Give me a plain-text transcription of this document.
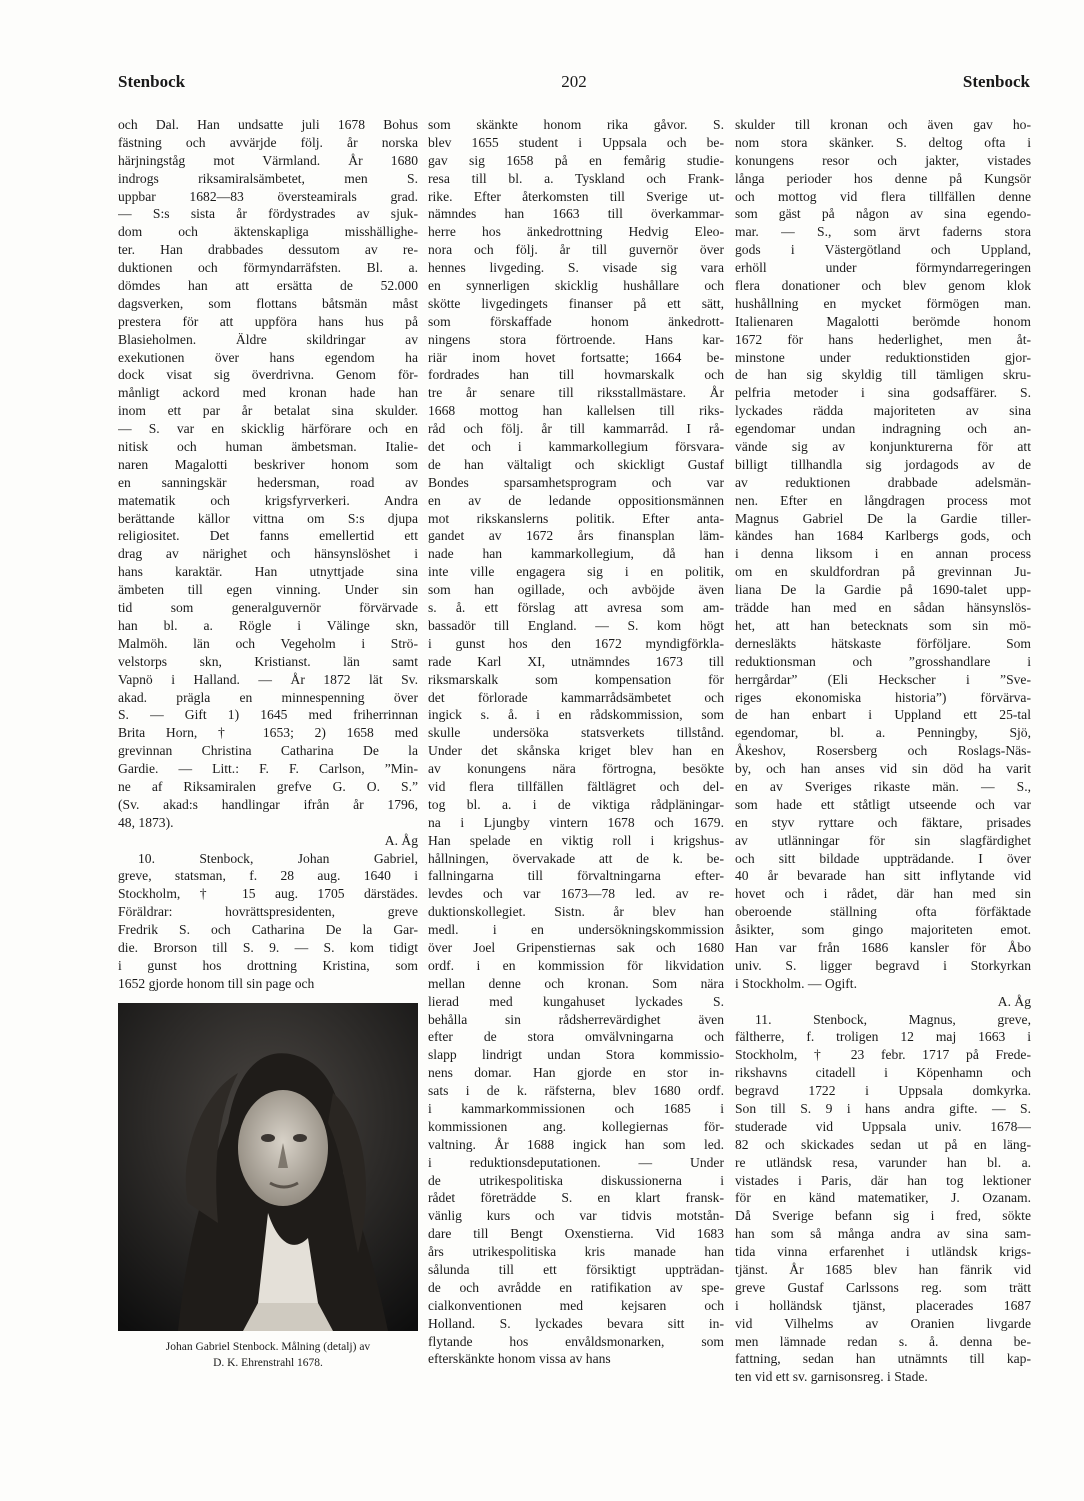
Stenbock	202	Stenbock
och Dal. Han undsatte juli 1678 Bohus
fästning och avvärjde följ. år norska
härjningståg mot Värmland. År 1680
indrogs riksamiralsämbetet, men S.
uppbar 1682—83 översteamirals grad.
— S:s sista år fördystrades av sjuk-
dom och äktenskapliga misshällighe-
ter. Han drabbades dessutom av re-
duktionen och förmyndarräfsten. Bl. a.
dömdes han att ersätta de 52.000
dagsverken, som flottans båtsmän måst
prestera för att uppföra hans hus på
Blasieholmen. Äldre skildringar av
exekutionen över hans egendom ha
dock visat sig överdrivna. Genom för-
månligt ackord med kronan hade han
inom ett par år betalat sina skulder.
— S. var en skicklig härförare och en
nitisk och human ämbetsman. Italie-
naren Magalotti beskriver honom som
en sanningskär hedersman, road av
matematik och krigsfyrverkeri. Andra
berättande källor vittna om S:s djupa
religiositet. Det fanns emellertid ett
drag av närighet och hänsynslöshet i
hans karaktär. Han utnyttjade sina
ämbeten till egen vinning. Under sin
tid som generalguvernör förvärvade
han bl. a. Rögle i Välinge skn,
Malmöh. län och Vegeholm i Strö-
velstorps skn, Kristianst. län samt
Vapnö i Halland. — År 1872 lät Sv.
akad. prägla en minnespenning över
S. — Gift 1) 1645 med friherrinnan
Brita Horn, † 1653; 2) 1658 med
grevinnan Christina Catharina De la
Gardie. — Litt.: F. F. Carlson, ”Min-
ne af Riksamiralen grefve G. O. S.”
(Sv. akad:s handlingar ifrån år 1796,
48, 1873).
A. Åg
10. Stenbock, Johan Gabriel,
greve, statsman, f. 28 aug. 1640 i
Stockholm, † 15 aug. 1705 därstädes.
Föräldrar: hovrättspresidenten, greve
Fredrik S. och Catharina De la Gar-
die. Brorson till S. 9. — S. kom tidigt
i gunst hos drottning Kristina, som
1652 gjorde honom till sin page och
som skänkte honom rika gåvor. S.
blev 1655 student i Uppsala och be-
gav sig 1658 på en femårig studie-
resa till bl. a. Tyskland och Frank-
rike. Efter återkomsten till Sverige ut-
nämndes han 1663 till överkammar-
herre hos änkedrottning Hedvig Eleo-
nora och följ. år till guvernör över
hennes livgeding. S. visade sig vara
en synnerligen skicklig hushållare och
skötte livgedingets finanser på ett sätt,
som förskaffade honom änkedrott-
ningens stora förtroende. Hans kar-
riär inom hovet fortsatte; 1664 be-
fordrades han till hovmarskalk och
tre år senare till riksstallmästare. År
1668 mottog han kallelsen till riks-
råd och följ. år till kammarråd. I rå-
det och i kammarkollegium försvara-
de han vältaligt och skickligt Gustaf
Bondes sparsamhetsprogram och var
en av de ledande oppositionsmännen
mot rikskanslerns politik. Efter anta-
gandet av 1672 års finansplan läm-
nade han kammarkollegium, då han
inte ville engagera sig i en politik,
som han ogillade, och avböjde även
s. å. ett förslag att avresa som am-
bassadör till England. — S. kom högt
i gunst hos den 1672 myndigförkla-
rade Karl XI, utnämndes 1673 till
riksmarskalk som kompensation för
det förlorade kammarrådsämbetet och
ingick s. å. i en rådskommission, som
skulle undersöka statsverkets tillstånd.
Under det skånska kriget blev han en
av konungens nära förtrogna, besökte
vid flera tillfällen fältlägret och del-
tog bl. a. i de viktiga rådpläningar-
na i Ljungby vintern 1678 och 1679.
Han spelade en viktig roll i krigshus-
hållningen, övervakade att de k. be-
fallningarna till förvaltningarna efter-
levdes och var 1673—78 led. av re-
duktionskollegiet. Sistn. år blev han
medl. i en undersökningskommission
över Joel Gripenstiernas sak och 1680
ordf. i en kommission för likvidation
mellan denne och kronan. Som nära
lierad med kungahuset lyckades S.
behålla sin rådsherrevärdighet även
efter de stora omvälvningarna och
slapp lindrigt undan Stora kommissio-
nens domar. Han gjorde en stor in-
sats i de k. räfsterna, blev 1680 ordf.
i kammarkommissionen och 1685 i
kommissionen ang. kollegiernas för-
valtning. År 1688 ingick han som led.
i reduktionsdeputationen. — Under
de utrikespolitiska diskussionerna i
rådet företrädde S. en klart fransk-
vänlig kurs och var tidvis motstån-
dare till Bengt Oxenstierna. Vid 1683
års utrikespolitiska kris manade han
sålunda till ett försiktigt uppträdan-
de och avrådde en ratifikation av spe-
cialkonventionen med kejsaren och
Holland. S. lyckades bevara sitt in-
flytande hos envåldsmonarken, som
efterskänkte honom vissa av hans
skulder till kronan och även gav ho-
nom stora skänker. S. deltog ofta i
konungens resor och jakter, vistades
långa perioder hos denne på Kungsör
och mottog vid flera tillfällen denne
som gäst på någon av sina egendo-
mar. — S., som ärvt faderns stora
gods i Västergötland och Uppland,
erhöll under förmyndarregeringen
flera donationer och blev genom klok
hushållning en mycket förmögen man.
Italienaren Magalotti berömde honom
1672 för hans hederlighet, men åt-
minstone under reduktionstiden gjor-
de han sig skyldig till tämligen skru-
pelfria metoder i sina godsaffärer. S.
lyckades rädda majoriteten av sina
egendomar undan indragning och an-
vände sig av konjunkturerna för att
billigt tillhandla sig jordagods av de
av reduktionen drabbade adelsmän-
nen. Efter en långdragen process mot
Magnus Gabriel De la Gardie tiller-
kändes han 1684 Karlbergs gods, och
i denna liksom i en annan process
om en skuldfordran på grevinnan Ju-
liana De la Gardie på 1690-talet upp-
trädde han med en sådan hänsynslös-
het, att han betecknats som sin mö-
dernesläkts hätskaste förföljare. Som
reduktionsman och ”grosshandlare i
herrgårdar” (Eli Heckscher i ”Sve-
riges ekonomiska historia”) förvärva-
de han enbart i Uppland ett 25-tal
egendomar, bl. a. Penningby, Sjö,
Åkeshov, Rosersberg och Roslags-Näs-
by, och han anses vid sin död ha varit
en av Sveriges rikaste män. — S.,
som hade ett ståtligt utseende och var
en styv ryttare och fäktare, prisades
av utlänningar för sin slagfärdighet
och sitt bildade uppträdande. I över
40 år bevarade han sitt inflytande vid
hovet och i rådet, där han med sin
oberoende ställning ofta förfäktade
åsikter, som gingo majoriteten emot.
Han var från 1686 kansler för Åbo
univ. S. ligger begravd i Storkyrkan
i Stockholm. — Ogift.
A. Åg
11. Stenbock, Magnus, greve,
fältherre, f. troligen 12 maj 1663 i
Stockholm, † 23 febr. 1717 på Frede-
rikshavns citadell i Köpenhamn och
begravd 1722 i Uppsala domkyrka.
Son till S. 9 i hans andra gifte. — S.
studerade vid Uppsala univ. 1678—
82 och skickades sedan ut på en läng-
re utländsk resa, varunder han bl. a.
vistades i Paris, där han tog lektioner
för en känd matematiker, J. Ozanam.
Då Sverige befann sig i fred, sökte
han som så många andra av sina sam-
tida vinna erfarenhet i utländsk krigs-
tjänst. År 1685 blev han fänrik vid
greve Gustaf Carlssons reg. som trätt
i holländsk tjänst, placerades 1687
vid Vilhelms av Oranien livgarde
men lämnade redan s. å. denna be-
fattning, sedan han utnämnts till kap-
ten vid ett sv. garnisonsreg. i Stade.
Johan Gabriel Stenbock. Målning (detalj) av
D. K. Ehrenstrahl 1678.
